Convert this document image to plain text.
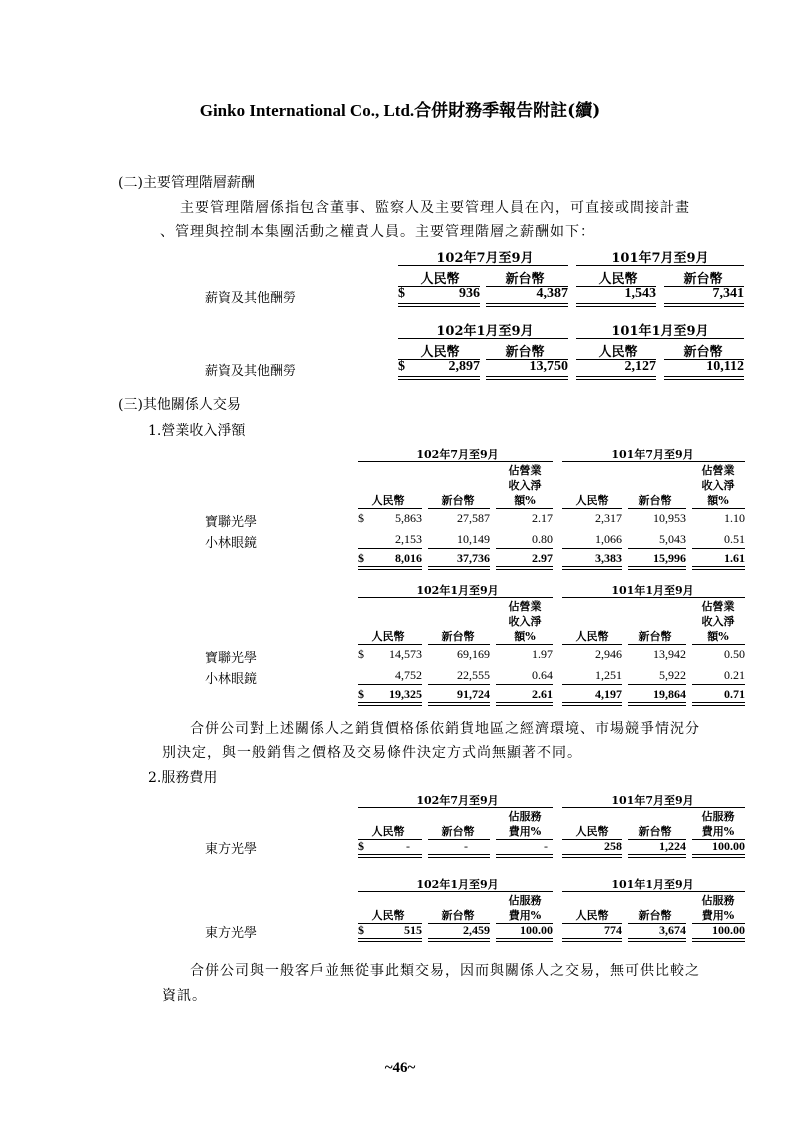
Ginko International Co., Ltd.合併財務季報告附註(續)
(二)主要管理階層薪酬
主要管理階層係指包含董事、監察人及主要管理人員在內，可直接或間接計畫
、管理與控制本集團活動之權責人員。主要管理階層之薪酬如下：
102年7月至9月	101年7月至9月
人民幣	新台幣	人民幣	新台幣
薪資及其他酬勞	$	936	4,387	1,543	7,341
102年1月至9月	101年1月至9月
人民幣	新台幣	人民幣	新台幣
薪資及其他酬勞	$	2,897	13,750	2,127	10,112
(三)其他關係人交易
1.營業收入淨額
102年7月至9月	101年7月至9月
佔營業
收入淨
額%
佔營業
收入淨
額%
人民幣	新台幣	人民幣	新台幣
寶聯光學	$	5,863	27,587	2.17	2,317	10,953	1.10
小林眼鏡	2,153	10,149	0.80	1,066	5,043	0.51
$	8,016	37,736	2.97	3,383	15,996	1.61
102年1月至9月	101年1月至9月
佔營業
收入淨
額%
佔營業
收入淨
額%
人民幣	新台幣	人民幣	新台幣
寶聯光學	$	14,573	69,169	1.97	2,946	13,942	0.50
小林眼鏡	4,752	22,555	0.64	1,251	5,922	0.21
$	19,325	91,724	2.61	4,197	19,864	0.71
合併公司對上述關係人之銷貨價格係依銷貨地區之經濟環境、市場競爭情況分
別決定，與一般銷售之價格及交易條件決定方式尚無顯著不同。
2.服務費用
102年7月至9月	101年7月至9月
佔服務
費用%
佔服務
費用%
人民幣	新台幣	人民幣	新台幣
東方光學	$	-	-	-	258	1,224	100.00
102年1月至9月	101年1月至9月
佔服務
費用%
佔服務
費用%
人民幣	新台幣	人民幣	新台幣
東方光學	$	515	2,459	100.00	774	3,674	100.00
合併公司與一般客戶並無從事此類交易，因而與關係人之交易，無可供比較之
資訊。
~46~
